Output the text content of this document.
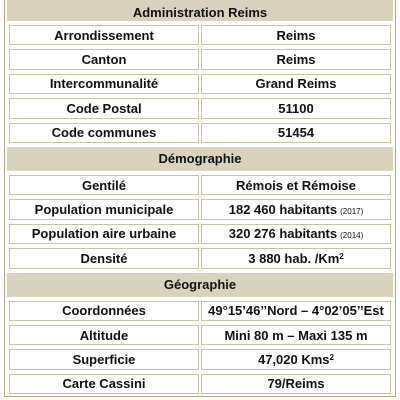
Administration Reims
Arrondissement	Reims
Canton	Reims
Intercommunalité	Grand Reims
Code Postal	51100
Code communes	51454
Démographie
Gentilé	Rémois et Rémoise
Population municipale	182 460 habitants (2017)
Population aire urbaine	320 276 habitants (2014)
Densité	3 880 hab. /Km$^2$
Géographie
Coordonnées	49°15’46’’Nord – 4°02’05’’Est
Altitude	Mini 80 m – Maxi 135 m
Superficie	47,020 Kms$^2$
Carte Cassini	79/Reims
